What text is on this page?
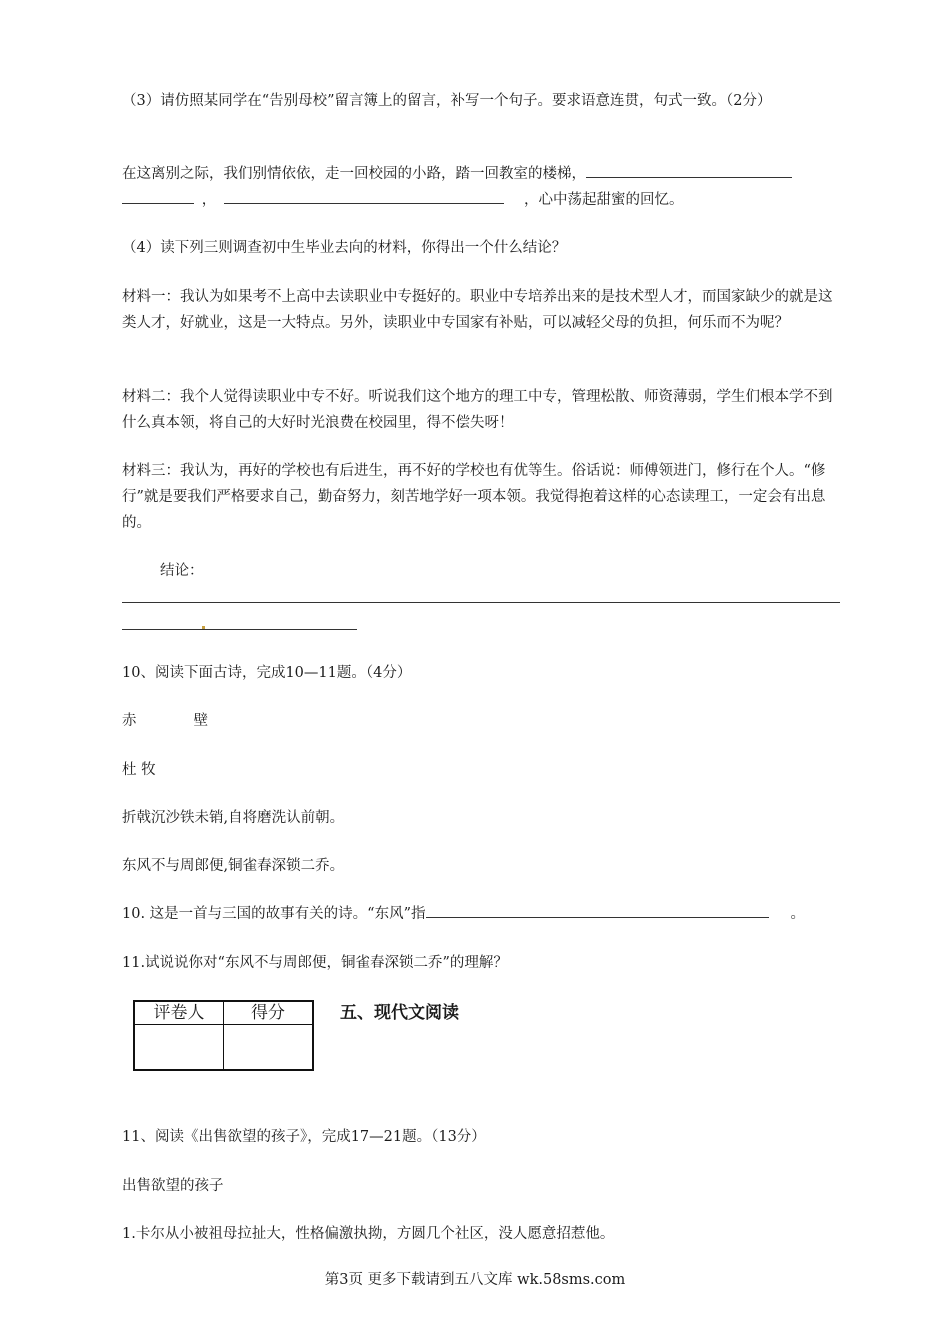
（3）请仿照某同学在“告别母校”留言簿上的留言，补写一个句子。要求语意连贯，句式一致。（2分）

在这离别之际，我们别情依依，走一回校园的小路，踏一回教室的楼梯，

，	，心中荡起甜蜜的回忆。

（4）读下列三则调查初中生毕业去向的材料，你得出一个什么结论？

材料一：我认为如果考不上高中去读职业中专挺好的。职业中专培养出来的是技术型人才，而国家缺少的就是这类人才，好就业，这是一大特点。另外，读职业中专国家有补贴，可以减轻父母的负担，何乐而不为呢？

材料二：我个人觉得读职业中专不好。听说我们这个地方的理工中专，管理松散、师资薄弱，学生们根本学不到什么真本领，将自己的大好时光浪费在校园里，得不偿失呀！

材料三：我认为，再好的学校也有后进生，再不好的学校也有优等生。俗话说：师傅领进门，修行在个人。“修行”就是要我们严格要求自己，勤奋努力，刻苦地学好一项本领。我觉得抱着这样的心态读理工，一定会有出息的。

结论：

10、阅读下面古诗，完成10—11题。（4分）

赤	壁

杜 牧

折戟沉沙铁未销,自将磨洗认前朝。

东风不与周郎便,铜雀春深锁二乔。

10. 这是一首与三国的故事有关的诗。“东风”指	。

11.试说说你对“东风不与周郎便，铜雀春深锁二乔”的理解？

评卷人	得分
		五、现代文阅读

11、阅读《出售欲望的孩子》，完成17—21题。（13分）

出售欲望的孩子

1.卡尔从小被祖母拉扯大，性格偏激执拗，方圆几个社区，没人愿意招惹他。

第3页 更多下载请到五八文库 wk.58sms.com
